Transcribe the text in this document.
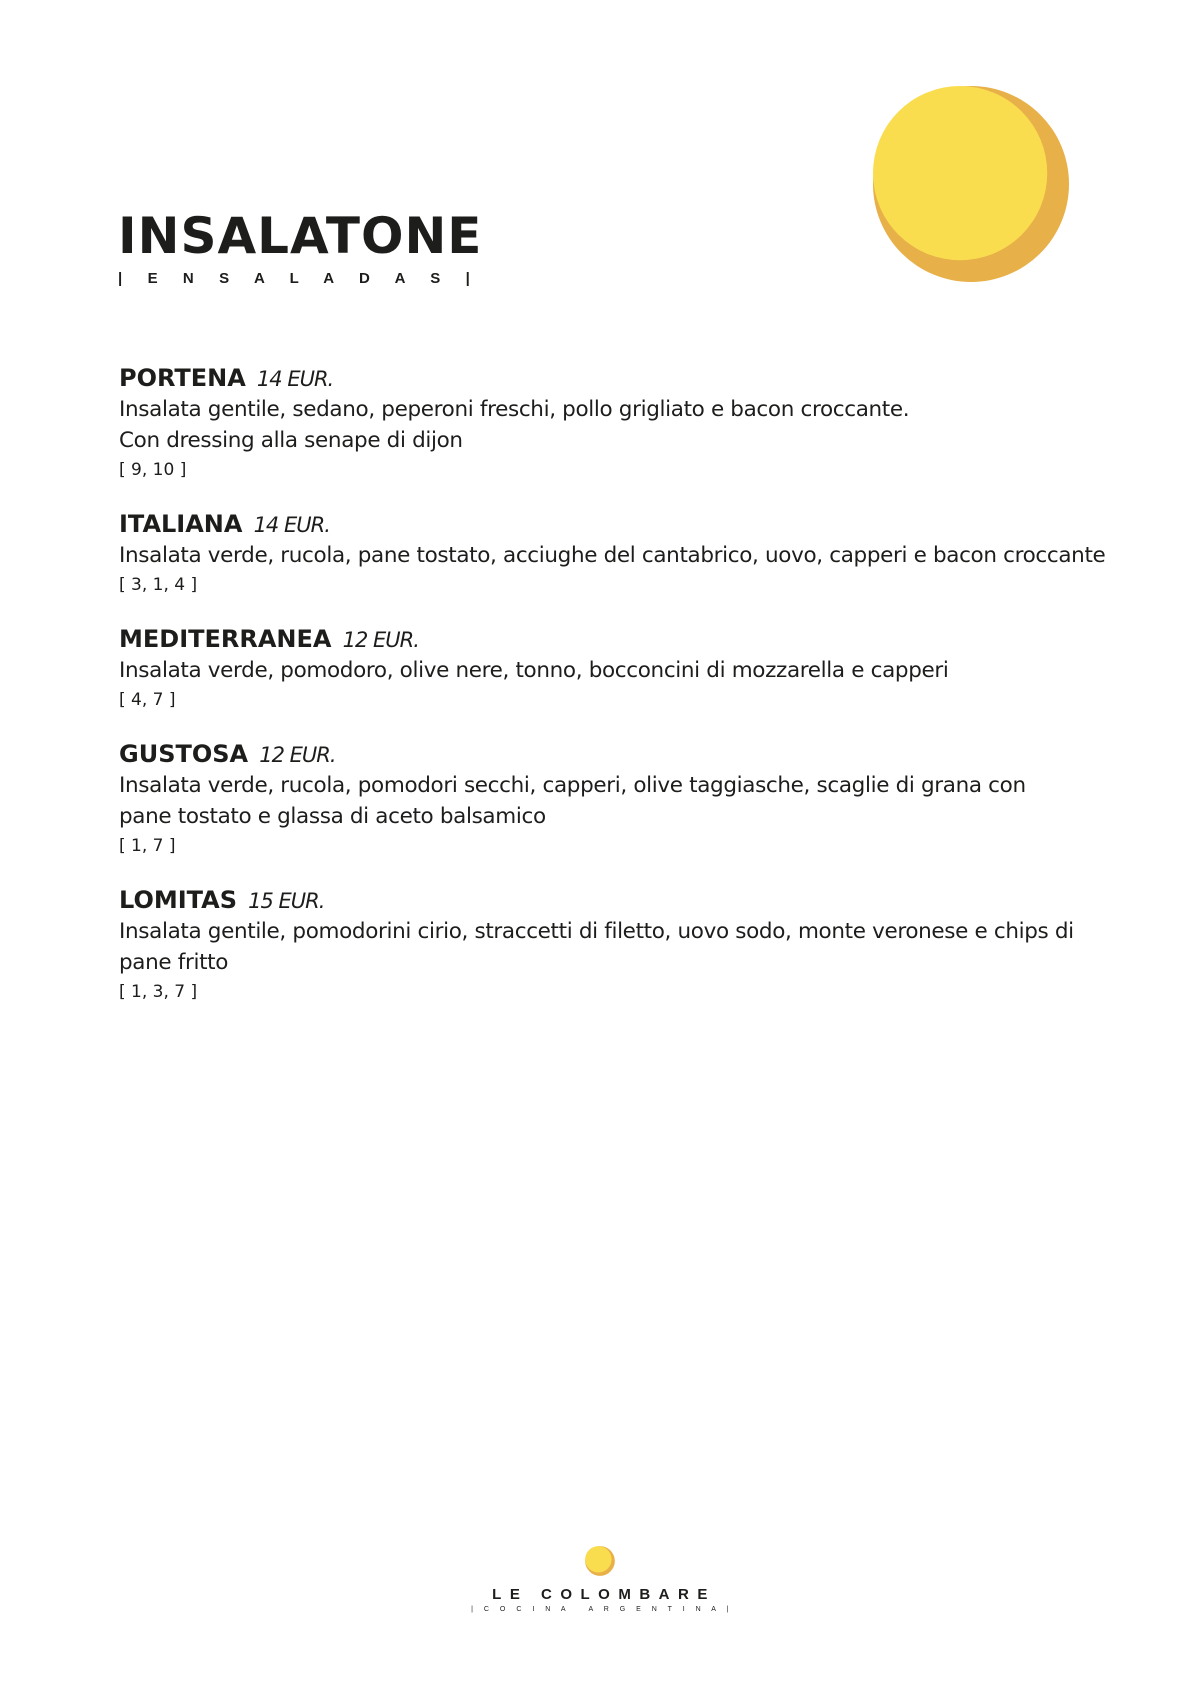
INSALATONE
| E N S A L A D A S |
PORTENA 14 EUR.
Insalata gentile, sedano, peperoni freschi, pollo grigliato e bacon croccante.
Con dressing alla senape di dijon
[ 9, 10 ]
ITALIANA 14 EUR.
Insalata verde, rucola, pane tostato, acciughe del cantabrico, uovo, capperi e bacon croccante
[ 3, 1, 4 ]
MEDITERRANEA 12 EUR.
Insalata verde, pomodoro, olive nere, tonno, bocconcini di mozzarella e capperi
[ 4, 7 ]
GUSTOSA 12 EUR.
Insalata verde, rucola, pomodori secchi, capperi, olive taggiasche, scaglie di grana con
pane tostato e glassa di aceto balsamico
[ 1, 7 ]
LOMITAS 15 EUR.
Insalata gentile, pomodorini cirio, straccetti di filetto, uovo sodo, monte veronese e chips di pane fritto
[ 1, 3, 7 ]
LE COLOMBARE
| C O C I N A   A R G E N T I N A |
